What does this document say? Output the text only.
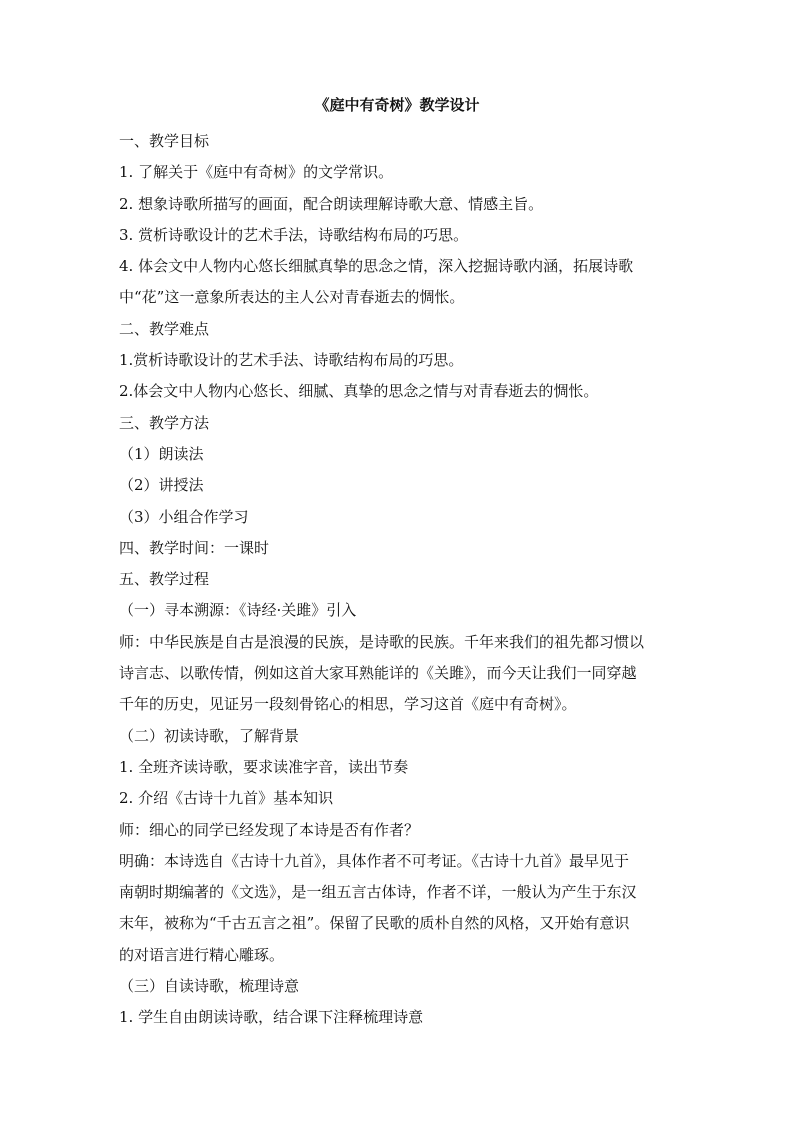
《庭中有奇树》教学设计
一、教学目标
1. 了解关于《庭中有奇树》的文学常识。
2. 想象诗歌所描写的画面，配合朗读理解诗歌大意、情感主旨。
3. 赏析诗歌设计的艺术手法，诗歌结构布局的巧思。
4. 体会文中人物内心悠长细腻真挚的思念之情，深入挖掘诗歌内涵，拓展诗歌
中“花”这一意象所表达的主人公对青春逝去的惆怅。
二、教学难点
1.赏析诗歌设计的艺术手法、诗歌结构布局的巧思。
2.体会文中人物内心悠长、细腻、真挚的思念之情与对青春逝去的惆怅。
三、教学方法
（1）朗读法
（2）讲授法
（3）小组合作学习
四、教学时间：一课时
五、教学过程
（一）寻本溯源：《诗经·关雎》引入
师：中华民族是自古是浪漫的民族，是诗歌的民族。千年来我们的祖先都习惯以
诗言志、以歌传情，例如这首大家耳熟能详的《关雎》，而今天让我们一同穿越
千年的历史，见证另一段刻骨铭心的相思，学习这首《庭中有奇树》。
（二）初读诗歌，了解背景
1. 全班齐读诗歌，要求读准字音，读出节奏
2. 介绍《古诗十九首》基本知识
师：细心的同学已经发现了本诗是否有作者？
明确：本诗选自《古诗十九首》，具体作者不可考证。《古诗十九首》最早见于
南朝时期编著的《文选》，是一组五言古体诗，作者不详，一般认为产生于东汉
末年，被称为“千古五言之祖”。保留了民歌的质朴自然的风格，又开始有意识
的对语言进行精心雕琢。
（三）自读诗歌，梳理诗意
1. 学生自由朗读诗歌，结合课下注释梳理诗意
